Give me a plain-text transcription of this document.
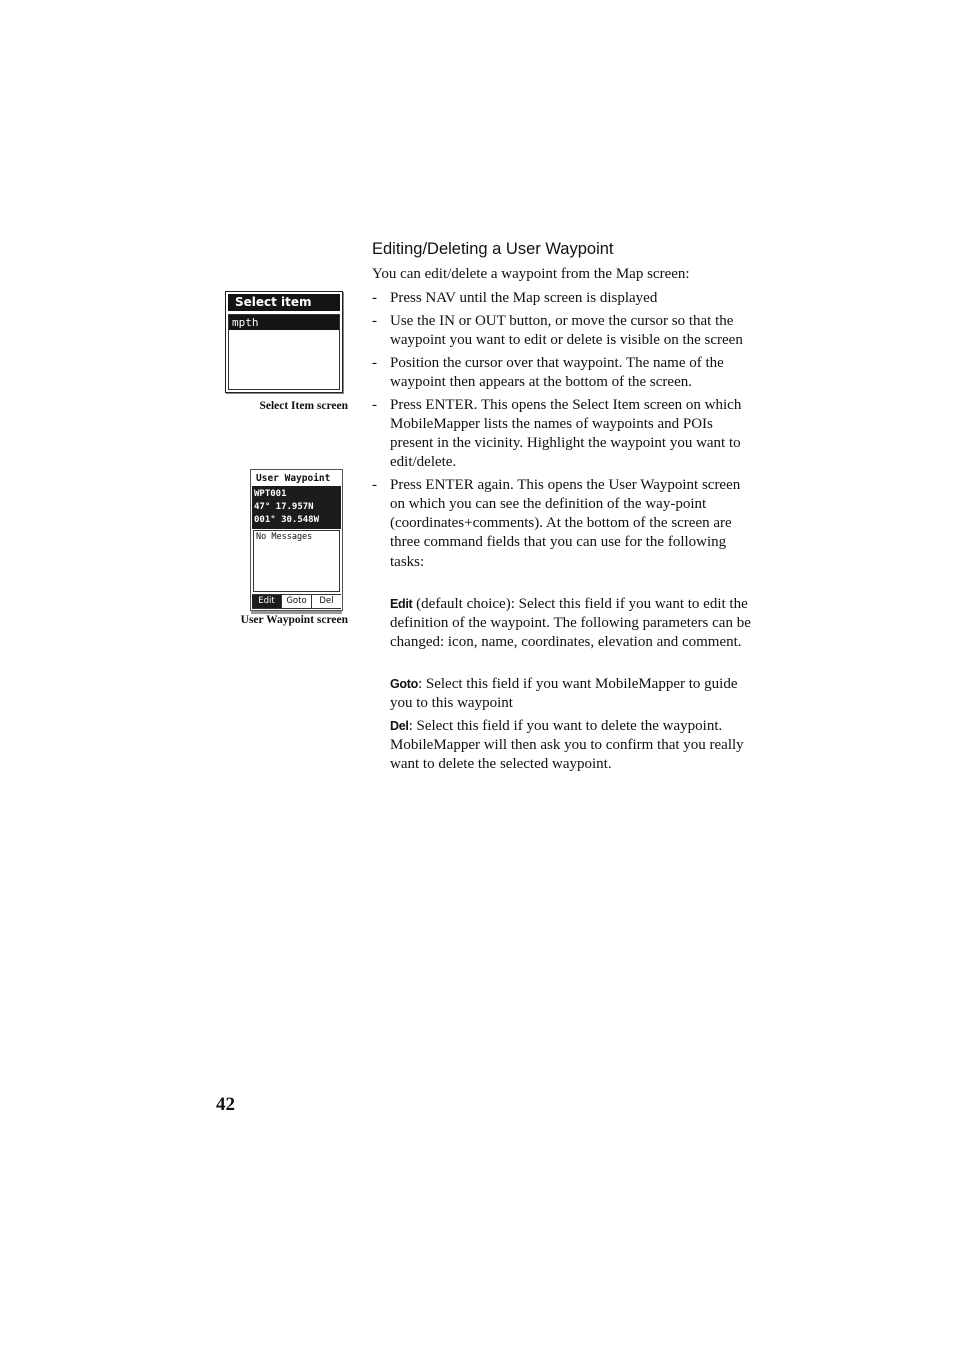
Editing/Deleting a User Waypoint
You can edit/delete a waypoint from the Map screen:
- Press NAV until the Map screen is displayed
- Use the IN or OUT button, or move the cursor so that the waypoint you want to edit or delete is visible on the screen
- Position the cursor over that waypoint. The name of the waypoint then appears at the bottom of the screen.
- Press ENTER. This opens the Select Item screen on which MobileMapper lists the names of waypoints and POIs present in the vicinity. Highlight the waypoint you want to edit/delete.
- Press ENTER again. This opens the User Waypoint screen on which you can see the definition of the way-point (coordinates+comments). At the bottom of the screen are three command fields that you can use for the following tasks:
Edit (default choice): Select this field if you want to edit the definition of the waypoint. The following parameters can be changed: icon, name, coordinates, elevation and comment.
Goto: Select this field if you want MobileMapper to guide you to this waypoint
Del: Select this field if you want to delete the waypoint. MobileMapper will then ask you to confirm that you really want to delete the selected waypoint.
Select item
mpth
Select Item screen
User Waypoint
WPT001
47° 17.957N
001° 30.548W
No Messages
Edit	Goto	Del
User Waypoint screen
42
